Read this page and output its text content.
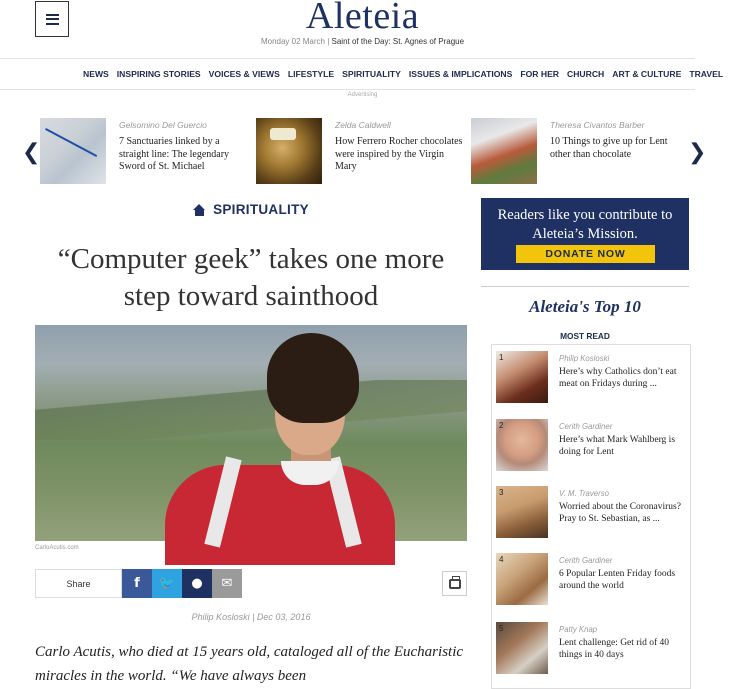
Aleteia
Monday 02 March | Saint of the Day: St. Agnes of Prague
NEWS INSPIRING STORIES VOICES & VIEWS LIFESTYLE SPIRITUALITY ISSUES & IMPLICATIONS FOR HER CHURCH ART & CULTURE TRAVEL
Advertising
❮
Gelsomino Del Guercio
7 Sanctuaries linked by a straight line: The legendary Sword of St. Michael
Zelda Caldwell
How Ferrero Rocher chocolates were inspired by the Virgin Mary
Theresa Civantos Barber
10 Things to give up for Lent other than chocolate	❯
SPIRITUALITY
“Computer geek” takes one more step toward sainthood
CarloAcutis.com
Share	f 🐦 ● ✉
Philip Kosloski | Dec 03, 2016
Carlo Acutis, who died at 15 years old, cataloged all of the Eucharistic miracles in the world. “We have always been
Readers like you contribute to Aleteia’s Mission.
DONATE NOW
Aleteia's Top 10
MOST READ
1	Philip Kosloski
Here’s why Catholics don’t eat meat on Fridays during ...
2	Cerith Gardiner
Here’s what Mark Wahlberg is doing for Lent
3	V. M. Traverso
Worried about the Coronavirus? Pray to St. Sebastian, as ...
4	Cerith Gardiner
6 Popular Lenten Friday foods around the world
5	Patty Knap
Lent challenge: Get rid of 40 things in 40 days
